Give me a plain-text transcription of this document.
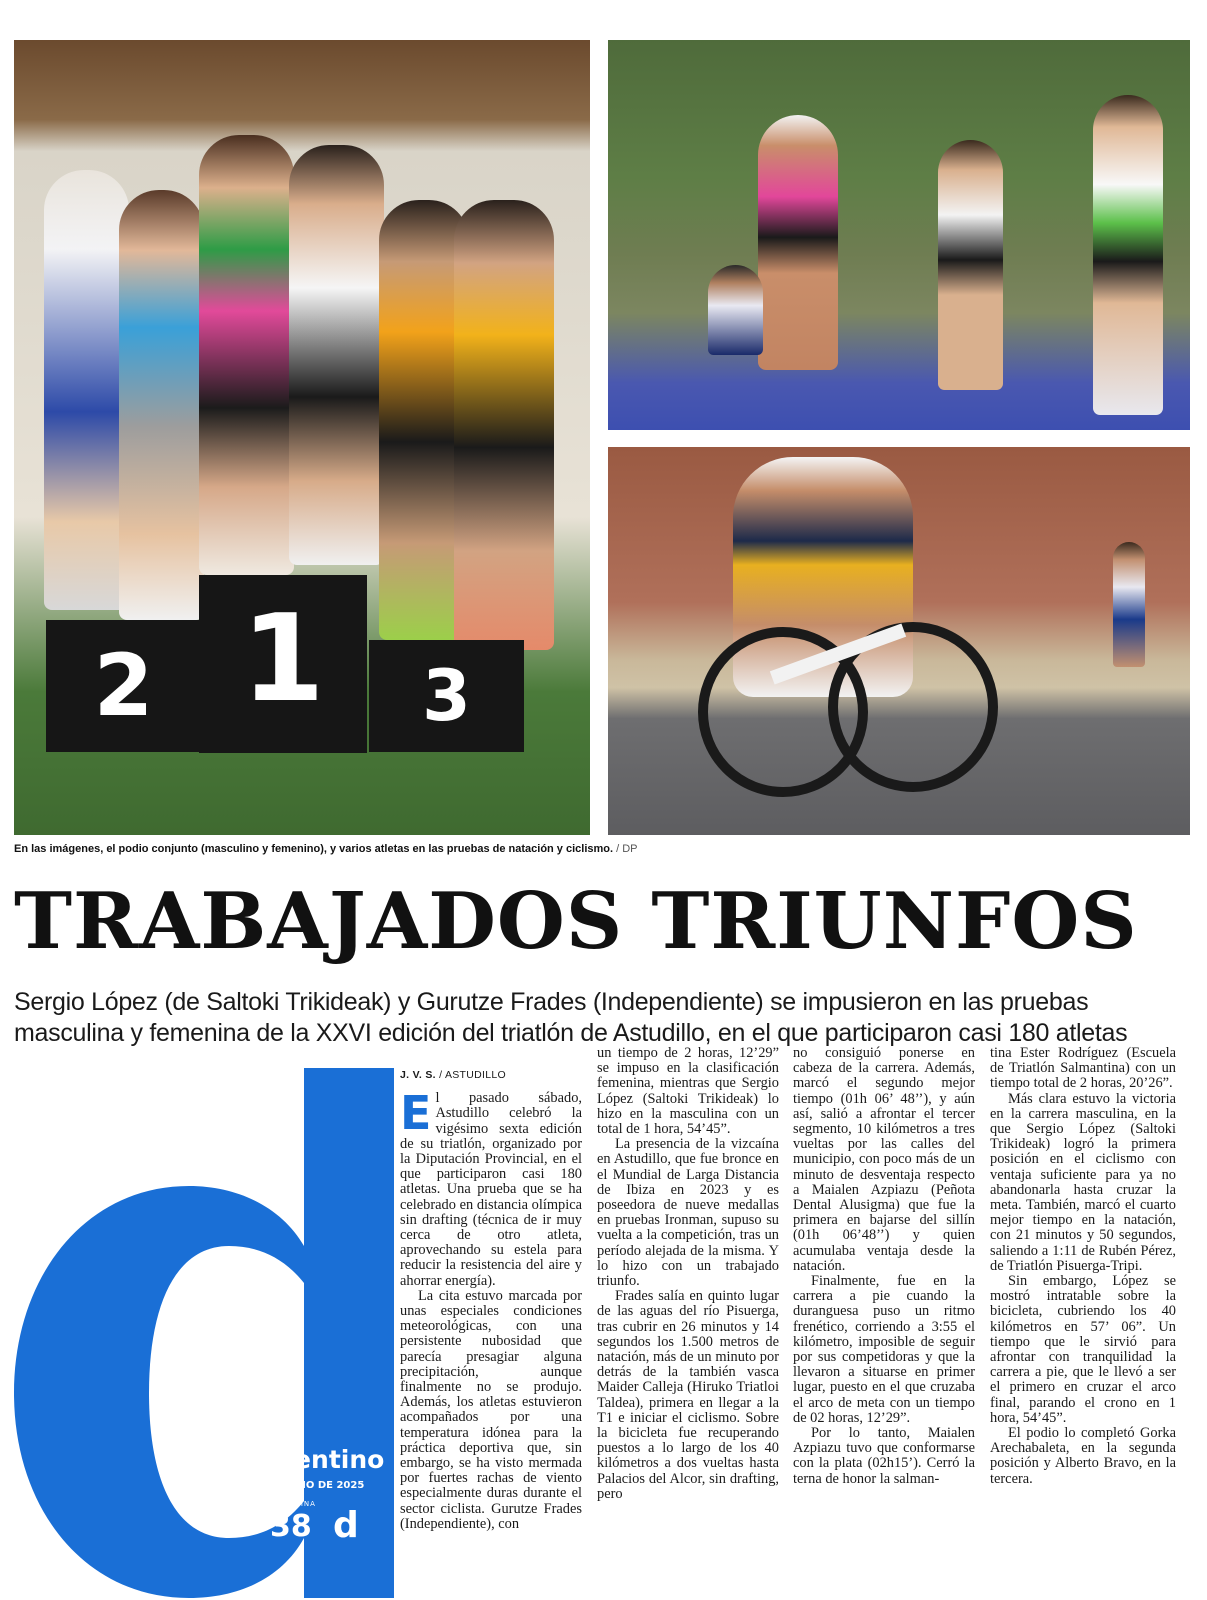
2 1	3
En las imágenes, el podio conjunto (masculino y femenino), y varios atletas en las pruebas de natación y ciclismo. / DP
TRABAJADOS TRIUNFOS
Sergio López (de Saltoki Trikideak) y Gurutze Frades (Independiente) se impusieron en las pruebas masculina y femenina de la XXVI edición del triatlón de Astudillo, en el que participaron casi 180 atletas
Diario Palentino
MIÉRCOLES 16 DE JULIO DE 2025
PÁGINA
38 d
J. V. S. / ASTUDILLO
E l pasado sábado, Astudillo celebró la vigésimo sexta edición de su triatlón, organizado por la Diputación Provincial, en el que participaron casi 180 atletas. Una prueba que se ha celebrado en distancia olímpica sin drafting (técnica de ir muy cerca de otro atleta, aprovechando su estela para reducir la resistencia del aire y ahorrar energía).

La cita estuvo marcada por unas especiales condiciones meteorológicas, con una persistente nubosidad que parecía presagiar alguna precipitación, aunque finalmente no se produjo. Además, los atletas estuvieron acompañados por una temperatura idónea para la práctica deportiva que, sin embargo, se ha visto mermada por fuertes rachas de viento especialmente duras durante el sector ciclista. Gurutze Frades (Independiente), con

un tiempo de 2 horas, 12’29” se impuso en la clasificación femenina, mientras que Sergio López (Saltoki Trikideak) lo hizo en la masculina con un total de 1 hora, 54’45”.

La presencia de la vizcaína en Astudillo, que fue bronce en el Mundial de Larga Distancia de Ibiza en 2023 y es poseedora de nueve medallas en pruebas Ironman, supuso su vuelta a la competición, tras un período alejada de la misma. Y lo hizo con un trabajado triunfo.

Frades salía en quinto lugar de las aguas del río Pisuerga, tras cubrir en 26 minutos y 14 segundos los 1.500 metros de natación, más de un minuto por detrás de la también vasca Maider Calleja (Hiruko Triatloi Taldea), primera en llegar a la T1 e iniciar el ciclismo. Sobre la bicicleta fue recuperando puestos a lo largo de los 40 kilómetros a dos vueltas hasta Palacios del Alcor, sin drafting, pero

no consiguió ponerse en cabeza de la carrera. Además, marcó el segundo mejor tiempo (01h 06’ 48’’), y aún así, salió a afrontar el tercer segmento, 10 kilómetros a tres vueltas por las calles del municipio, con poco más de un minuto de desventaja respecto a Maialen Azpiazu (Peñota Dental Alusigma) que fue la primera en bajarse del sillín (01h 06’48’’) y quien acumulaba ventaja desde la natación.

Finalmente, fue en la carrera a pie cuando la duranguesa puso un ritmo frenético, corriendo a 3:55 el kilómetro, imposible de seguir por sus competidoras y que la llevaron a situarse en primer lugar, puesto en el que cruzaba el arco de meta con un tiempo de 02 horas, 12’29”.

Por lo tanto, Maialen Azpiazu tuvo que conformarse con la plata (02h15’). Cerró la terna de honor la salman-

tina Ester Rodríguez (Escuela de Triatlón Salmantina) con un tiempo total de 2 horas, 20’26”.

Más clara estuvo la victoria en la carrera masculina, en la que Sergio López (Saltoki Trikideak) logró la primera posición en el ciclismo con ventaja suficiente para ya no abandonarla hasta cruzar la meta. También, marcó el cuarto mejor tiempo en la natación, con 21 minutos y 50 segundos, saliendo a 1:11 de Rubén Pérez, de Triatlón Pisuerga-Tripi.

Sin embargo, López se mostró intratable sobre la bicicleta, cubriendo los 40 kilómetros en 57’ 06”. Un tiempo que le sirvió para afrontar con tranquilidad la carrera a pie, que le llevó a ser el primero en cruzar el arco final, parando el crono en 1 hora, 54’45”.

El podio lo completó Gorka Arechabaleta, en la segunda posición y Alberto Bravo, en la tercera.
